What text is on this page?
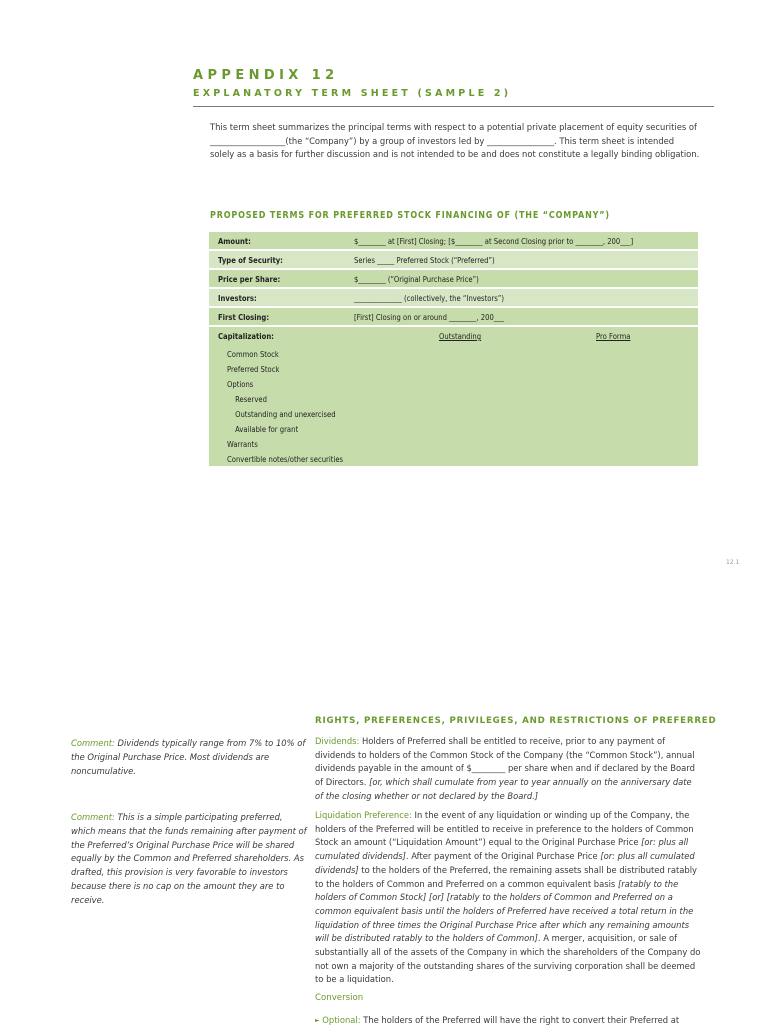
APPENDIX 12
EXPLANATORY TERM SHEET (SAMPLE 2)

This term sheet summarizes the principal terms with respect to a potential private placement of equity securities of __________________(the “Company”) by a group of investors led by ________________. This term sheet is intended solely as a basis for further discussion and is not intended to be and does not constitute a legally binding obligation.

PROPOSED TERMS FOR PREFERRED STOCK FINANCING OF (THE “COMPANY”)
Amount:	$________ at [First] Closing; [$________ at Second Closing prior to ________, 200___]
Type of Security:	Series _____ Preferred Stock (“Preferred”)
Price per Share:	$________ (“Original Purchase Price”)
Investors:	______________ (collectively, the “Investors”)
First Closing:	[First] Closing on or around ________, 200___
Capitalization:	Outstanding	Pro Forma
Common Stock
Preferred Stock
Options
Reserved
Outstanding and unexercised
Available for grant
Warrants
Convertible notes/other securities
12.1
RIGHTS, PREFERENCES, PRIVILEGES, AND RESTRICTIONS OF PREFERRED

Comment: Dividends typically range from 7% to 10% of the Original Purchase Price. Most dividends are noncumulative.

Comment: This is a simple participating preferred, which means that the funds remaining after payment of the Preferred’s Original Purchase Price will be shared equally by the Common and Preferred shareholders. As drafted, this provision is very favorable to investors because there is no cap on the amount they are to receive.

Dividends: Holders of Preferred shall be entitled to receive, prior to any payment of dividends to holders of the Common Stock of the Company (the “Common Stock”), annual dividends payable in the amount of $________ per share when and if declared by the Board of Directors. [or, which shall cumulate from year to year annually on the anniversary date of the closing whether or not declared by the Board.]

Liquidation Preference: In the event of any liquidation or winding up of the Company, the holders of the Preferred will be entitled to receive in preference to the holders of Common Stock an amount (“Liquidation Amount”) equal to the Original Purchase Price [or: plus all cumulated dividends]. After payment of the Original Purchase Price [or: plus all cumulated dividends] to the holders of the Preferred, the remaining assets shall be distributed ratably to the holders of Common and Preferred on a common equivalent basis [ratably to the holders of Common Stock] [or] [ratably to the holders of Common and Preferred on a common equivalent basis until the holders of Preferred have received a total return in the liquidation of three times the Original Purchase Price after which any remaining amounts will be distributed ratably to the holders of Common]. A merger, acquisition, or sale of substantially all of the assets of the Company in which the shareholders of the Company do not own a majority of the outstanding shares of the surviving corporation shall be deemed to be a liquidation.

Conversion

► Optional: The holders of the Preferred will have the right to convert their Preferred at
